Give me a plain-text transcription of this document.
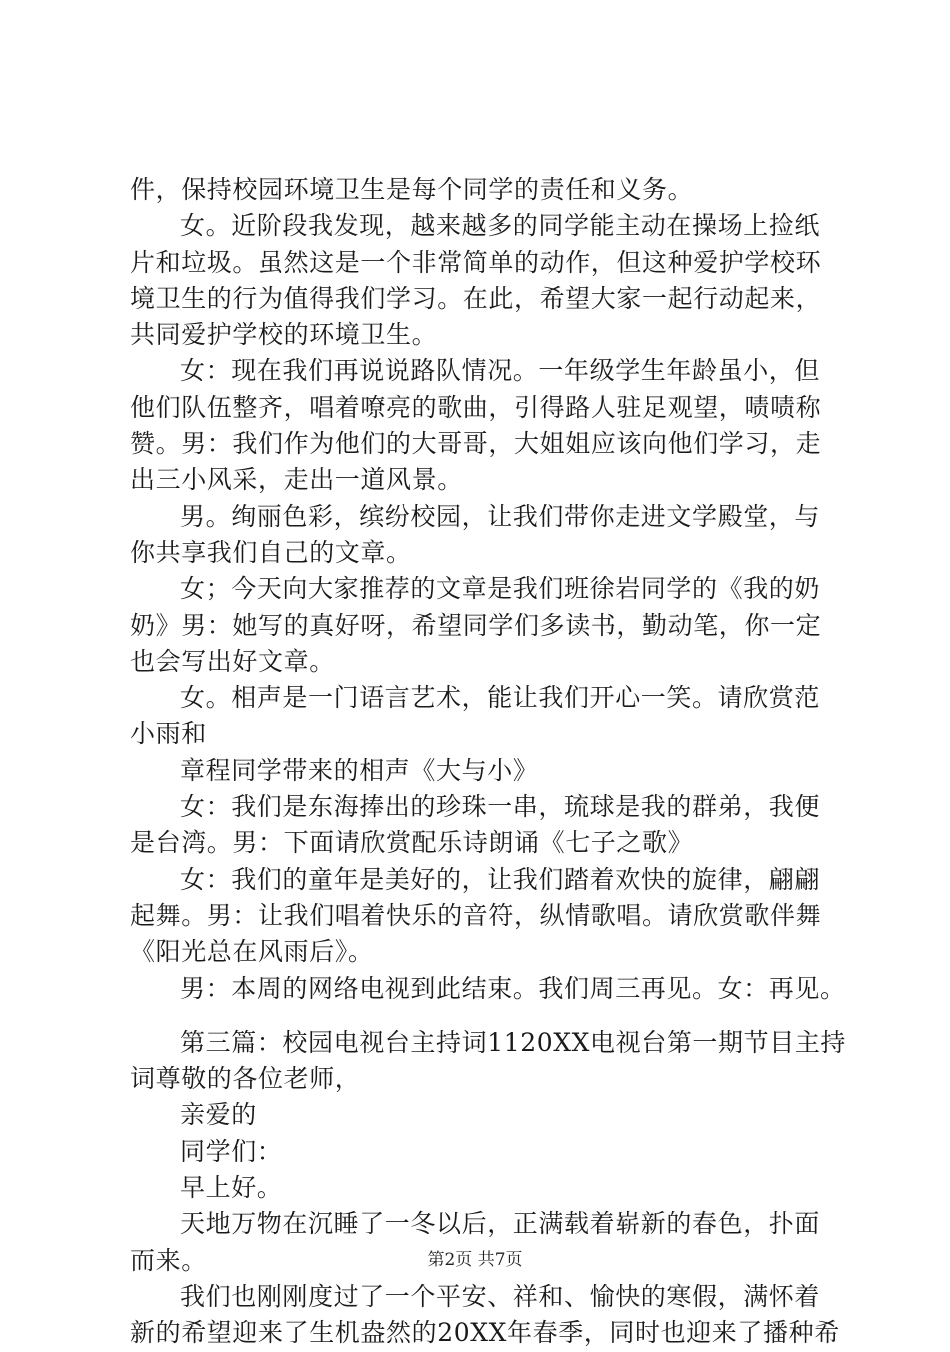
件，保持校园环境卫生是每个同学的责任和义务。
女。近阶段我发现，越来越多的同学能主动在操场上捡纸
片和垃圾。虽然这是一个非常简单的动作，但这种爱护学校环
境卫生的行为值得我们学习。在此，希望大家一起行动起来，
共同爱护学校的环境卫生。
女：现在我们再说说路队情况。一年级学生年龄虽小，但
他们队伍整齐，唱着嘹亮的歌曲，引得路人驻足观望，啧啧称
赞。男：我们作为他们的大哥哥，大姐姐应该向他们学习，走
出三小风采，走出一道风景。
男。绚丽色彩，缤纷校园，让我们带你走进文学殿堂，与
你共享我们自己的文章。
女；今天向大家推荐的文章是我们班徐岩同学的《我的奶
奶》男：她写的真好呀，希望同学们多读书，勤动笔，你一定
也会写出好文章。
女。相声是一门语言艺术，能让我们开心一笑。请欣赏范
小雨和
章程同学带来的相声《大与小》
女：我们是东海捧出的珍珠一串，琉球是我的群弟，我便
是台湾。男：下面请欣赏配乐诗朗诵《七子之歌》
女：我们的童年是美好的，让我们踏着欢快的旋律，翩翩
起舞。男：让我们唱着快乐的音符，纵情歌唱。请欣赏歌伴舞
《阳光总在风雨后》。
男：本周的网络电视到此结束。我们周三再见。女：再见。
第三篇：校园电视台主持词1120XX电视台第一期节目主持
词尊敬的各位老师，
亲爱的
同学们：
早上好。
天地万物在沉睡了一冬以后，正满载着崭新的春色，扑面
而来。
我们也刚刚度过了一个平安、祥和、愉快的寒假，满怀着
新的希望迎来了生机盎然的20XX年春季，同时也迎来了播种希
第2页 共7页
